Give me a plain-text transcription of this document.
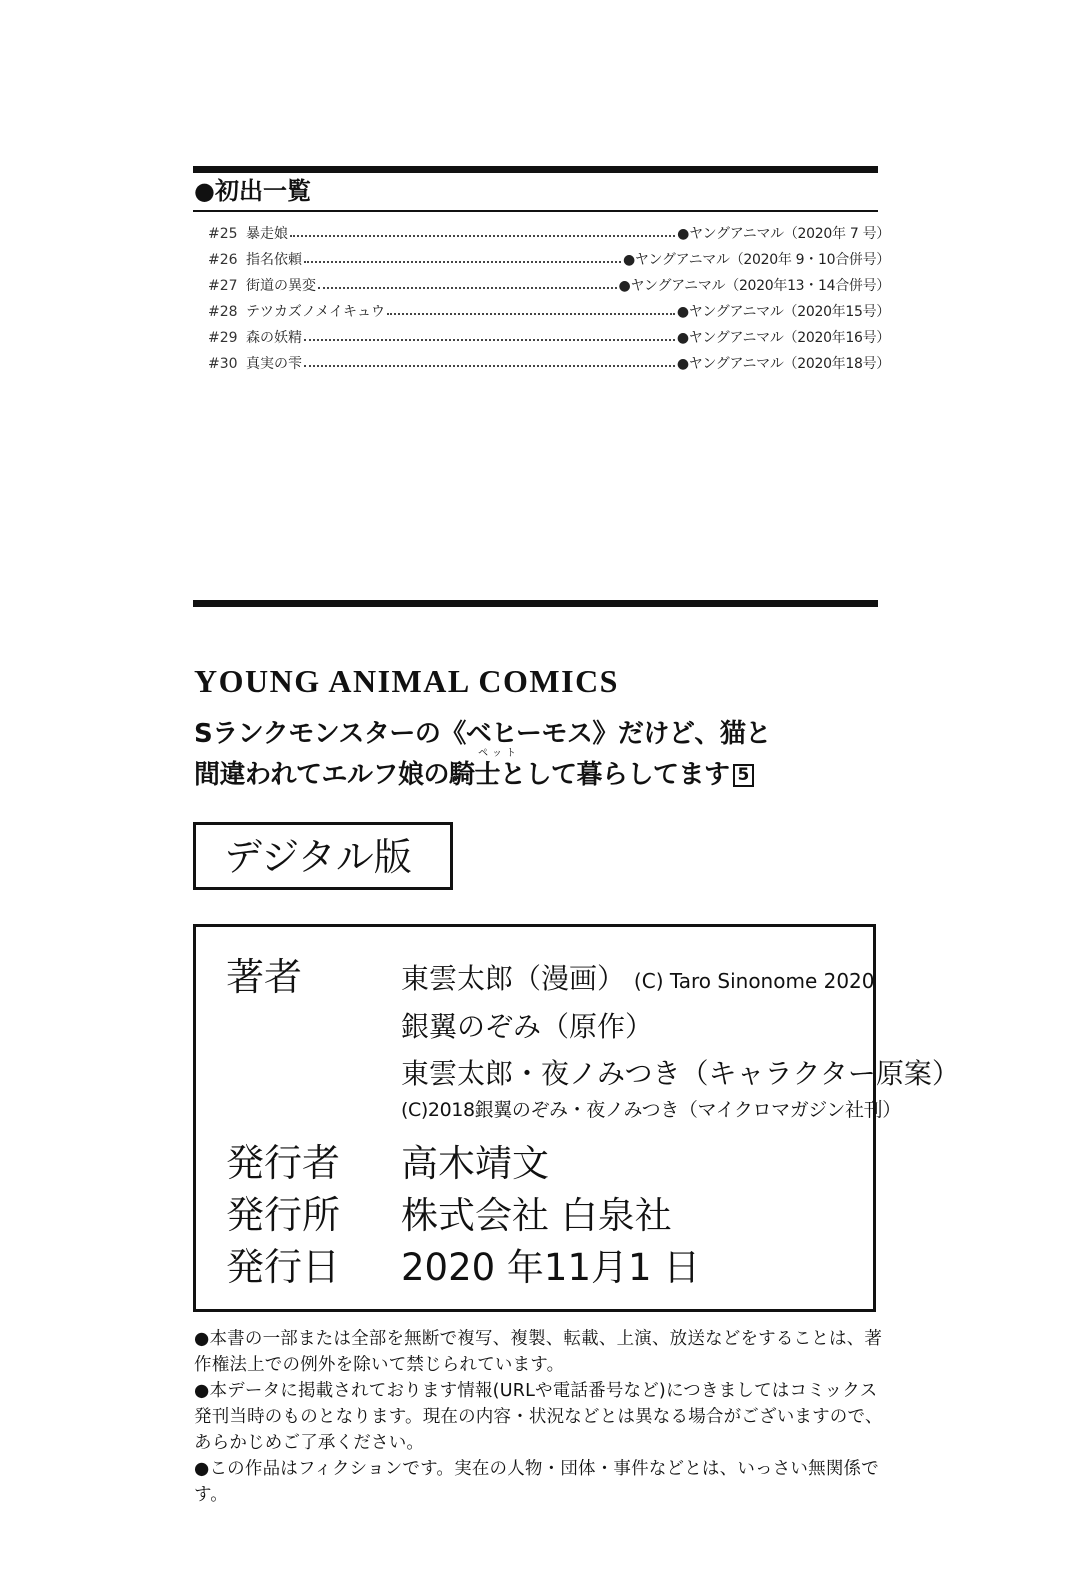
●初出一覧
#25 暴走娘	●ヤングアニマル（2020年 7 号）
#26 指名依頼	●ヤングアニマル（2020年 9・10合併号）
#27 街道の異変	●ヤングアニマル（2020年13・14合併号）
#28 テツカズノメイキュウ	●ヤングアニマル（2020年15号）
#29 森の妖精	●ヤングアニマル（2020年16号）
#30 真実の雫	●ヤングアニマル（2020年18号）
YOUNG ANIMAL COMICS
Sランクモンスターの《ベヒーモス》だけど、猫と
ペット
間違われてエルフ娘の騎士として暮らしてます 5
デジタル版
著者	東雲太郎（漫画） (C) Taro Sinonome 2020
銀翼のぞみ（原作）
東雲太郎・夜ノみつき（キャラクター原案）
(C)2018銀翼のぞみ・夜ノみつき（マイクロマガジン社刊）
発行者 高木靖文
発行所 株式会社 白泉社
発行日 2020 年11月1 日

●本書の一部または全部を無断で複写、複製、転載、上演、放送などをすることは、著作権法上での例外を除いて禁じられています。

●本データに掲載されております情報(URLや電話番号など)につきましてはコミックス発刊当時のものとなります。現在の内容・状況などとは異なる場合がございますので、あらかじめご了承ください。

●この作品はフィクションです。実在の人物・団体・事件などとは、いっさい無関係です。
